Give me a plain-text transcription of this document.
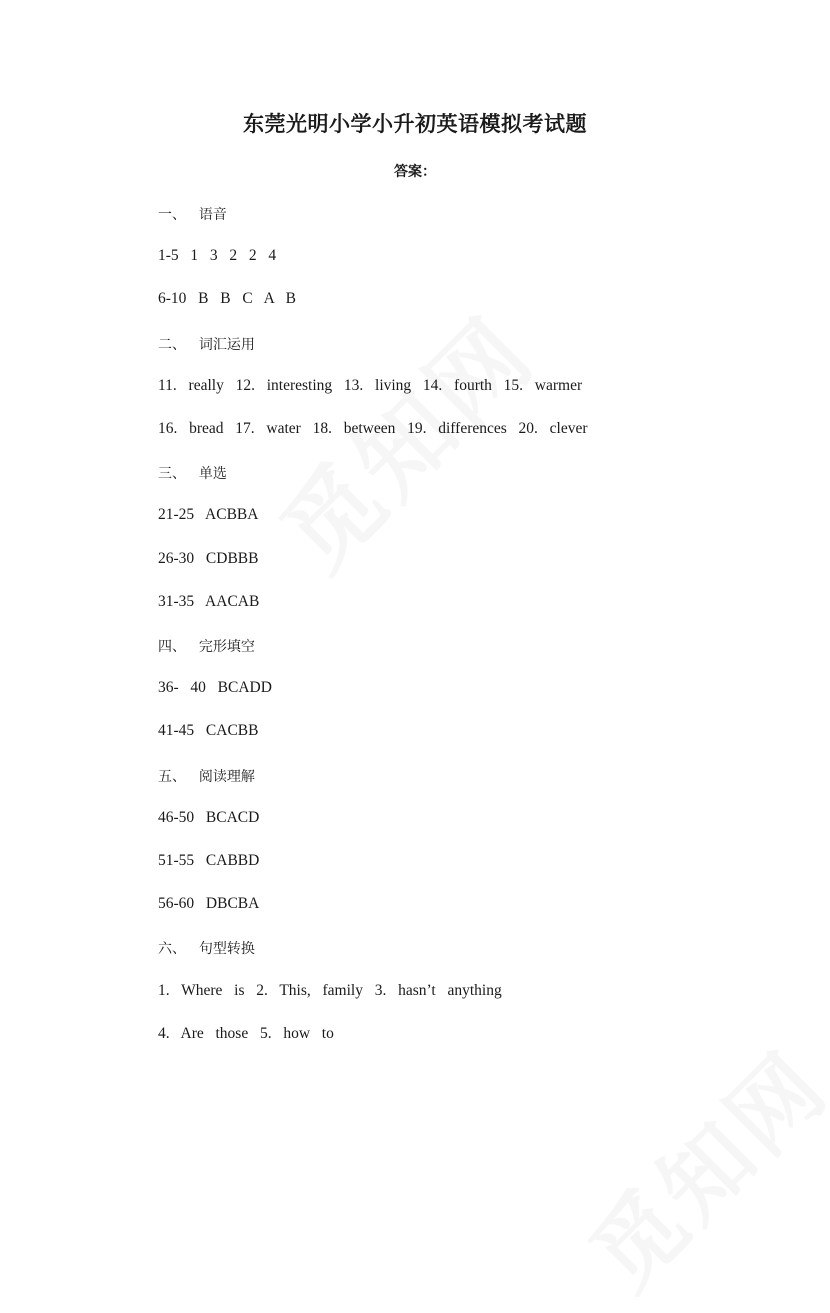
东莞光明小学小升初英语模拟考试题
答案：
一、  语音
1-5  1  3  2  2  4
6-10  B  B  C  A  B
二、  词汇运用
11.  really  12.  interesting  13.  living  14.  fourth  15.  warmer
16.  bread  17.  water  18.  between  19.  differences  20.  clever
三、  单选
21-25  ACBBA
26-30  CDBBB
31-35  AACAB
四、  完形填空
36-  40  BCADD
41-45  CACBB
五、  阅读理解
46-50  BCACD
51-55  CABBD
56-60  DBCBA
六、  句型转换
1.  Where  is  2.  This,  family  3.  hasn’t  anything
4.  Are  those  5.  how  to
